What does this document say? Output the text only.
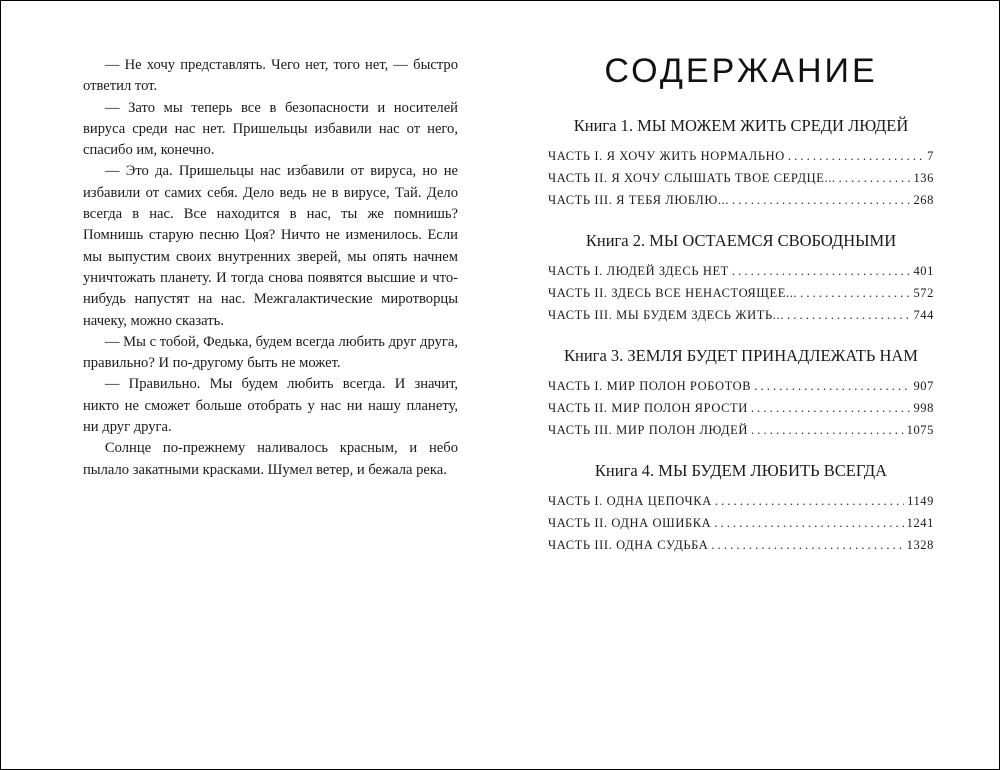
— Не хочу представлять. Чего нет, того нет, — быстро ответил тот.

— Зато мы теперь все в безопасности и носителей вируса среди нас нет. Пришельцы избавили нас от него, спасибо им, конечно.

— Это да. Пришельцы нас избавили от вируса, но не избавили от самих себя. Дело ведь не в вирусе, Тай. Дело всегда в нас. Все находится в нас, ты же помнишь? Помнишь старую песню Цоя? Ничто не изменилось. Если мы выпустим своих внутренних зверей, мы опять начнем уничтожать планету. И тогда снова появятся высшие и что-нибудь напустят на нас. Межгалактические миротворцы начеку, можно сказать.

— Мы с тобой, Федька, будем всегда любить друг друга, правильно? И по-другому быть не может.

— Правильно. Мы будем любить всегда. И значит, никто не сможет больше отобрать у нас ни нашу планету, ни друг друга.

Солнце по-прежнему наливалось красным, и небо пылало закатными красками. Шумел ветер, и бежала река.

СОДЕРЖАНИЕ
Книга 1. МЫ МОЖЕМ ЖИТЬ СРЕДИ ЛЮДЕЙ
ЧАСТЬ I. Я ХОЧУ ЖИТЬ НОРМАЛЬНО . . .	7
ЧАСТЬ II. Я ХОЧУ СЛЫШАТЬ ТВОЕ СЕРДЦЕ... . . .	136
ЧАСТЬ III. Я ТЕБЯ ЛЮБЛЮ... . . .	268
Книга 2. МЫ ОСТАЕМСЯ СВОБОДНЫМИ
ЧАСТЬ I. ЛЮДЕЙ ЗДЕСЬ НЕТ . . .	401
ЧАСТЬ II. ЗДЕСЬ ВСЕ НЕНАСТОЯЩЕЕ... . . .	572
ЧАСТЬ III. МЫ БУДЕМ ЗДЕСЬ ЖИТЬ... . . .	744
Книга 3. ЗЕМЛЯ БУДЕТ ПРИНАДЛЕЖАТЬ НАМ
ЧАСТЬ I. МИР ПОЛОН РОБОТОВ . . .	907
ЧАСТЬ II. МИР ПОЛОН ЯРОСТИ . . .	998
ЧАСТЬ III. МИР ПОЛОН ЛЮДЕЙ . . .	1075
Книга 4. МЫ БУДЕМ ЛЮБИТЬ ВСЕГДА
ЧАСТЬ I. ОДНА ЦЕПОЧКА . . .	1149
ЧАСТЬ II. ОДНА ОШИБКА . . .	1241
ЧАСТЬ III. ОДНА СУДЬБА . . .	1328
